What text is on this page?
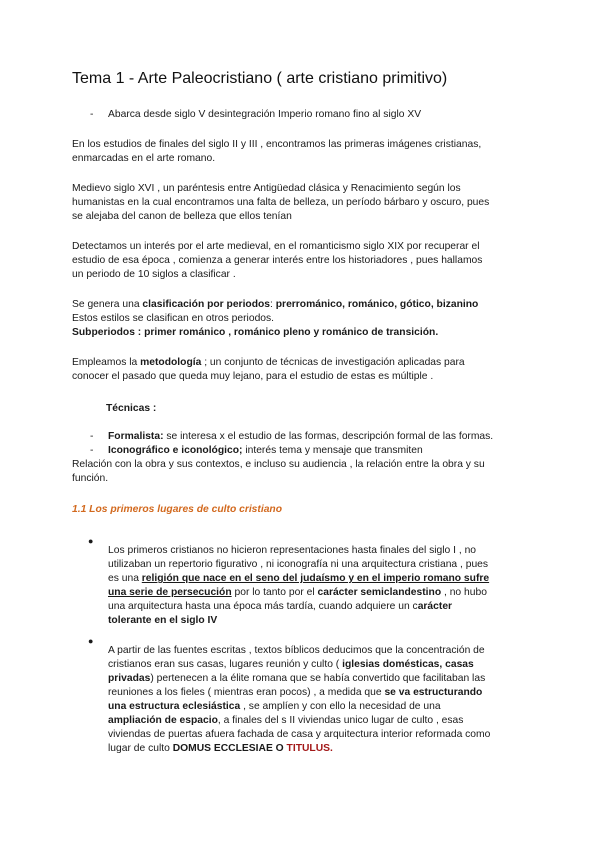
Tema 1 - Arte Paleocristiano ( arte cristiano primitivo)
- Abarca desde siglo V desintegración Imperio romano fino al siglo XV

En los estudios de finales del siglo II y III , encontramos las primeras imágenes cristianas,

enmarcadas en el arte romano.

Medievo siglo XVI , un paréntesis entre Antigüedad clásica y Renacimiento según los

humanistas en la cual encontramos una falta de belleza, un período bárbaro y oscuro, pues

se alejaba del canon de belleza que ellos tenían

Detectamos un interés por el arte medieval, en el romanticismo siglo XIX por recuperar el

estudio de esa época , comienza a generar interés entre los historiadores , pues hallamos

un periodo de 10 siglos a clasificar .

Se genera una clasificación por periodos: prerrománico, románico, gótico, bizanino

Estos estilos se clasifican en otros periodos.

Subperiodos : primer románico , románico pleno y románico de transición.

Empleamos la metodología ; un conjunto de técnicas de investigación aplicadas para

conocer el pasado que queda muy lejano, para el estudio de estas es múltiple .

Técnicas :

- Formalista: se interesa x el estudio de las formas, descripción formal de las formas.

- Iconográfico e iconológico; interés tema y mensaje que transmiten

Relación con la obra y sus contextos, e incluso su audiencia , la relación entre la obra y su

función.

1.1 Los primeros lugares de culto cristiano

●

Los primeros cristianos no hicieron representaciones hasta finales del siglo I , no

utilizaban un repertorio figurativo , ni iconografía ni una arquitectura cristiana , pues

es una religión que nace en el seno del judaísmo y en el imperio romano sufre

una serie de persecución por lo tanto por el carácter semiclandestino , no hubo

una arquitectura hasta una época más tardía, cuando adquiere un carácter

tolerante en el siglo IV

●

A partir de las fuentes escritas , textos bíblicos deducimos que la concentración de

cristianos eran sus casas, lugares reunión y culto ( iglesias domésticas, casas

privadas) pertenecen a la élite romana que se había convertido que facilitaban las

reuniones a los fieles ( mientras eran pocos) , a medida que se va estructurando

una estructura eclesiástica , se amplíen y con ello la necesidad de una

ampliación de espacio, a finales del s II viviendas unico lugar de culto , esas

viviendas de puertas afuera fachada de casa y arquitectura interior reformada como

lugar de culto DOMUS ECCLESIAE O TITULUS.
